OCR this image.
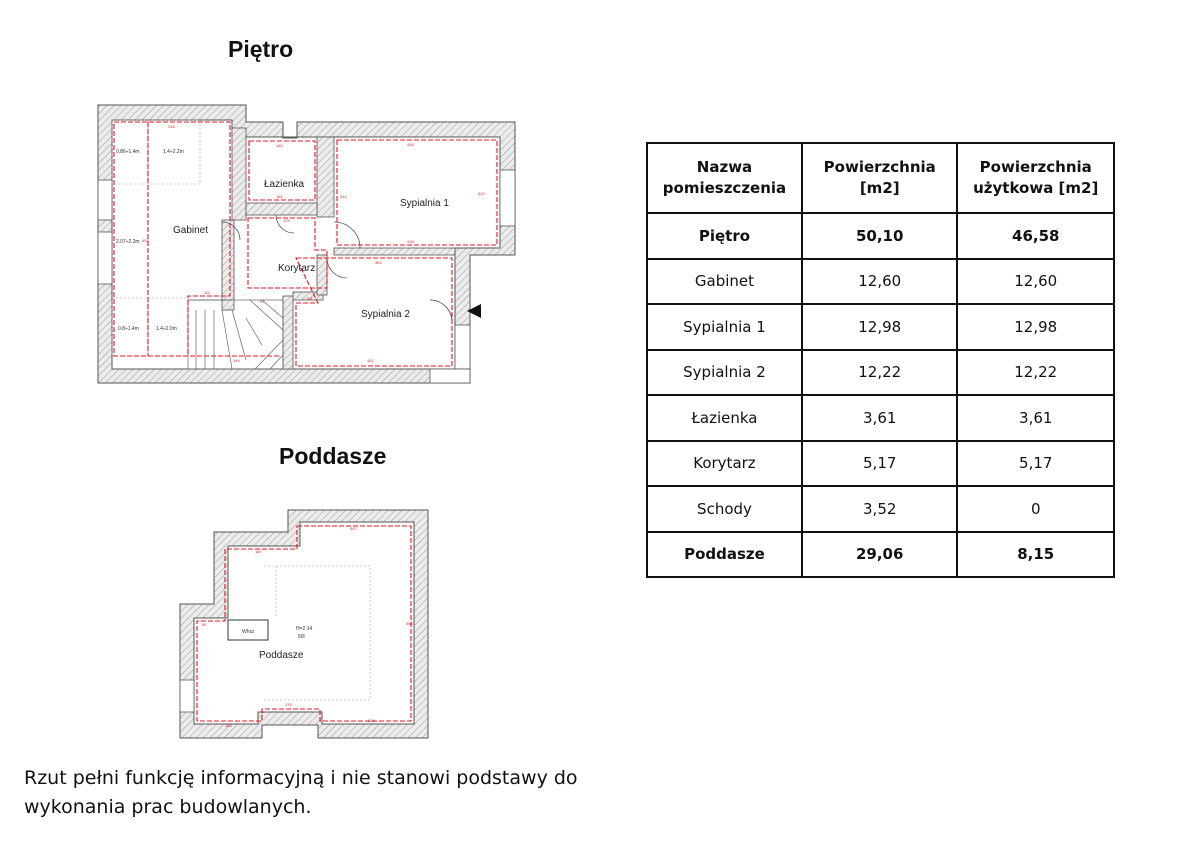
Piętro
Poddasze
318
162	416
416
162
175
364
402
344
111
97
101
402
312
312
0.86÷1.4m	1.4÷2.2m
2.07÷2.2m
0.8÷1.4m	1.4÷2.0m
Gabinet
Łazienka
Sypialnia 1
Korytarz
Sypialnia 2
307
187
176
162
318
568
90
Whsz	H=2.14
50l
Poddasze
Nazwa pomieszczenia	Powierzchnia [m2]	Powierzchnia użytkowa [m2]
Piętro	50,10	46,58
Gabinet	12,60	12,60
Sypialnia 1	12,98	12,98
Sypialnia 2	12,22	12,22
Łazienka	3,61	3,61
Korytarz	5,17	5,17
Schody	3,52	0
Poddasze	29,06	8,15
Rzut pełni funkcję informacyjną i nie stanowi podstawy do wykonania prac budowlanych.
